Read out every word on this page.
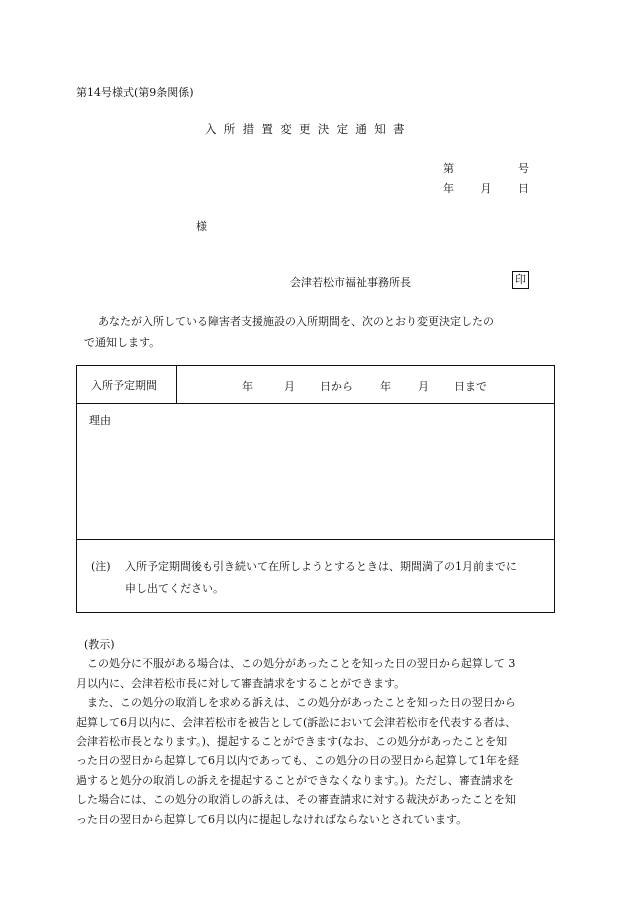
第14号様式(第9条関係)
入所措置変更決定通知書
第	号
年 月 日
様
会津若松市福祉事務所長	印
あなたが入所している障害者支援施設の入所期間を、次のとおり変更決定したの
で通知します。
入所予定期間	年	月	日から	年	月	日まで
理由
(注) 入所予定期間後も引き続いて在所しようとするときは、期間満了の1月前までに
申し出てください。

(教示)

この処分に不服がある場合は、この処分があったことを知った日の翌日から起算して 3

月以内に、会津若松市長に対して審査請求をすることができます。

また、この処分の取消しを求める訴えは、この処分があったことを知った日の翌日から

起算して6月以内に、会津若松市を被告として(訴訟において会津若松市を代表する者は、

会津若松市長となります。)、提起することができます(なお、この処分があったことを知

った日の翌日から起算して6月以内であっても、この処分の日の翌日から起算して1年を経

過すると処分の取消しの訴えを提起することができなくなります。)。ただし、審査請求を

した場合には、この処分の取消しの訴えは、その審査請求に対する裁決があったことを知

った日の翌日から起算して6月以内に提起しなければならないとされています。
